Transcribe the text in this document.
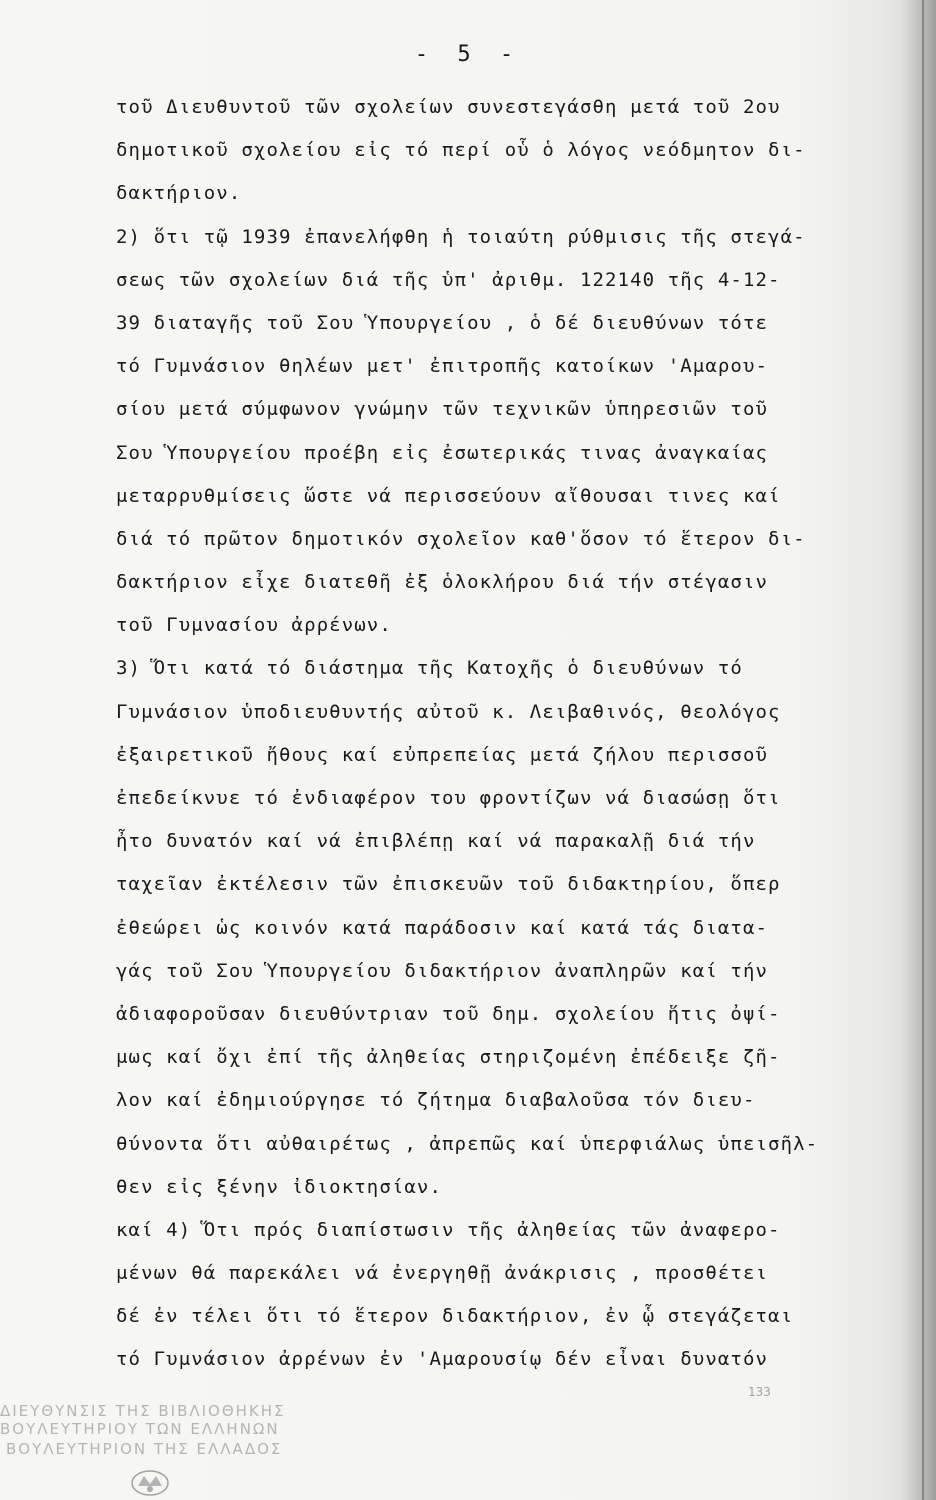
- 5 -
τοῦ Διευθυντοῦ τῶν σχολείων συνεστεγάσθη μετά τοῦ 2ου
δημοτικοῦ σχολείου εἰς τό περί οὗ ὁ λόγος νεόδμητον δι-
δακτήριον.
2) ὅτι τῷ 1939 ἐπανελήφθη ἡ τοιαύτη ρύθμισις τῆς στεγά-
σεως τῶν σχολείων διά τῆς ὑπ' ἀριθμ. 122140 τῆς 4-12-
39 διαταγῆς τοῦ Σου Ὑπουργείου , ὁ δέ διευθύνων τότε
τό Γυμνάσιον θηλέων μετ' ἐπιτροπῆς κατοίκων 'Αμαρου-
σίου μετά σύμφωνον γνώμην τῶν τεχνικῶν ὑπηρεσιῶν τοῦ
Σου Ὑπουργείου προέβη εἰς ἐσωτερικάς τινας ἀναγκαίας
μεταρρυθμίσεις ὥστε νά περισσεύουν αἴθουσαι τινες καί
διά τό πρῶτον δημοτικόν σχολεῖον καθ'ὅσον τό ἕτερον δι-
δακτήριον εἶχε διατεθῆ ἐξ ὁλοκλήρου διά τήν στέγασιν
τοῦ Γυμνασίου ἀρρένων.
3) Ὅτι κατά τό διάστημα τῆς Κατοχῆς ὁ διευθύνων τό
Γυμνάσιον ὑποδιευθυντής αὐτοῦ κ. Λειβαθινός, θεολόγος
ἐξαιρετικοῦ ἤθους καί εὐπρεπείας μετά ζήλου περισσοῦ
ἐπεδείκνυε τό ἐνδιαφέρον του φροντίζων νά διασώσῃ ὅτι
ἦτο δυνατόν καί νά ἐπιβλέπῃ καί νά παρακαλῇ διά τήν
ταχεῖαν ἐκτέλεσιν τῶν ἐπισκευῶν τοῦ διδακτηρίου, ὅπερ
ἐθεώρει ὡς κοινόν κατά παράδοσιν καί κατά τάς διατα-
γάς τοῦ Σου Ὑπουργείου διδακτήριον ἀναπληρῶν καί τήν
ἀδιαφοροῦσαν διευθύντριαν τοῦ δημ. σχολείου ἥτις ὀψί-
μως καί ὄχι ἐπί τῆς ἀληθείας στηριζομένη ἐπέδειξε ζῆ-
λον καί ἐδημιούργησε τό ζήτημα διαβαλοῦσα τόν διευ-
θύνοντα ὅτι αὐθαιρέτως , ἀπρεπῶς καί ὑπερφιάλως ὑπεισῆλ-
θεν εἰς ξένην ἰδιοκτησίαν.
καί 4) Ὅτι πρός διαπίστωσιν τῆς ἀληθείας τῶν ἀναφερο-
μένων θά παρεκάλει νά ἐνεργηθῇ ἀνάκρισις , προσθέτει
δέ ἐν τέλει ὅτι τό ἕτερον διδακτήριον, ἐν ᾧ στεγάζεται
τό Γυμνάσιον ἀρρένων ἐν 'Αμαρουσίῳ δέν εἶναι δυνατόν
ΔΙΕΥΘΥΝΣΙΣ ΤΗΣ ΒΙΒΛΙΟΘΗΚΗΣ
ΒΟΥΛΕΥΤΗΡΙΟΥ ΤΩΝ ΕΛΛΗΝΩΝ
ΒΟΥΛΕΥΤΗΡΙΟΝ ΤΗΣ ΕΛΛΑΔΟΣ
133
